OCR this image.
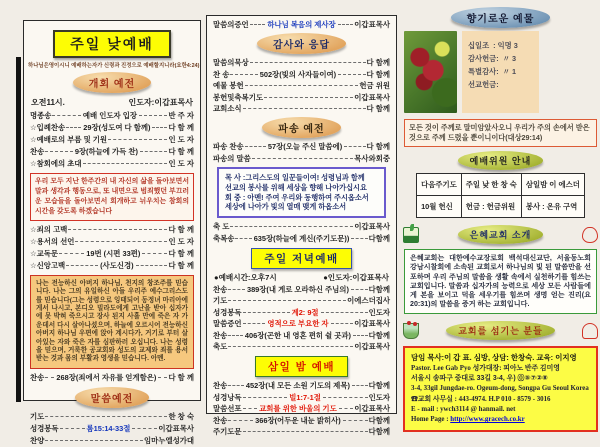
주일 낮예배
하나님은영이시니 예배하는자가 신령과 진정으로 예배할지니라(요한4:24)
개회 예전
오전11시.	인도자:이갑표목사
명종송	예배 인도자 입장	반 주 자
☆입례찬송 29장(성도여 다 함께) 다 함 께
☆예배로의 부름 및 기원	인 도 자
찬송	9장(하늘에 가득 찬)	다 함 께
☆참회에의 초대	인 도 자
우리 모두 지난 한주간의 내 자신의 삶을 돌아보면서 말과 생각과 행동으로, 또 내면으로 범죄했던 부끄러운 모습들을 돌아보면서 회개하고 뉘우치는 참회의 시간을 갖도록 하겠습니다
☆죄의 고백	다 함 께
☆용서의 선언	인 도 자
☆교독문	19번 (시편 33편)	다 함 께
☆신앙고백	(사도신경)	다 함 께
나는 전능하신 아버지 하나님, 천지의 창조주를 믿습니다. 나는 그의 유일하신 아들 우리주 예수그리스도를 믿습니다(그는 성령으로 잉태되어 동정녀 마리아에게서 나시고, 본디오 빌라도에게 고난을 받아 십자가에 못 박혀 죽으시고 장사 된지 사흘 만에 죽은 자 가운데서 다시 살아나셨으며, 하늘에 오르시어 전능하신 아버지 하나님 우편에 앉아 계시다가, 거기로 부터 살아있는 자와 죽은 자를 심판하러 오십니다. 나는 성령을 믿으며, 거룩한 공교회와 성도의 교제와 죄를 용서받는 것과 몸의 부활과 영생을 믿습니다. 아멘.
찬송 268장(죄에서 자유를 얻게함은) 다 함 께
말씀예전
기도	한 창 숙
성경봉독	롬15:14-33절	이갑표목사
찬양	임마누엘성가대
말씀의증언	하나님 복음의 제사장	이갑표목사
감사와 응답
말씀의묵상	다 함께
찬 송	502장(빛의 사자들이여)	다 함께
예물 봉헌	헌금 위원
봉헌및축복기도	이갑표목사
교회소식	다 함께
파송 예전
파송 찬송	57장(오늘 주신 말씀에)	다 함께
파송의 말씀	목사와회중
목 사 :그리스도의 일꾼들이여! 성령님과 함께
선교의 봉사를 위해 세상을 향해 나아가십시요
회 중 : 아멘! 주여 우리와 동행하여 주시옵소서
세상에 나아가 빛의 열매 맺게 하옵소서
축 도	이갑표목사
축복송	635장(하늘에 계신(주기도문))	다함께
주일 저녁예배
●예배시간:오후7시	●인도자:이갑표목사
찬송	389장(내 게로 오라하신 주님의)	다함께
기도	이에스더집사
성경봉독	계2: 9절	인도자
말씀증언	영적으로 부요한 자	이갑표목사
찬송 406장(곤한 내 영혼 편히 쉴 곳과) 다함께
축도	이갑표목사
삼일 밤 예배
찬송	452장(내 모든 소원 기도의 제목)	다함께
성경낭독	빌1:7-1절	인도자
말씀선포 교회를 위한 바울의 기도 이갑표목사
찬송	366장(어두운 내눈 밝히사)	다함께
주기도문	다함께
향기로운 예물
십일조 : 익명 3
감사헌금: 〃 3
특별감사: 〃 1
선교헌금:
모든 것이 주께로 말미암았사오니 우리가 주의 손에서 받은 것으로 주께 드렸을 뿐이니이다(대상29:14)
예배위원 안내
다음주기도	주일 낮 한 창 숙	삼일밤 이 에스더
10월 헌신	헌금 : 헌금위원	봉사 : 온유 구역
은혜교회 소개
은혜교회는 대한예수교장로회 백석대신교단, 서울동노회 강남시찰회에 소속된 교회로서 하나님의 빛 된 말씀만을 선포하며 우리 주님의 말씀을 생활 속에서 실천하기를 힘쓰는 교회입니다. 말씀과 십자가의 능력으로 세상 모든 사람들에게 본을 보이고 덕을 세우기를 힘쓰며 생명 얻는 진리(요20:31)의 말씀을 증거 하는 교회입니다.
교회를 섬기는 분들
담임 목사:이 갑 표. 심방, 상담: 한창숙. 교육: 이지영
Pastor. Lee Gab Pyo 성가대장: 피아노 반주 김미영
서울시 송파구 중대로 33길 3-4, 우) ⓪⑤⑦②⑧
3-4, 33gil Jungdae-ro. Ogeum-dong, Songpa Gu Seoul Korea
☎교회 사무실 : 443-4974. H.P 010 - 8579 - 3016
E - mail : ywch3114 @ hanmail. net
Home Page : http://www.gracech.co.kr
